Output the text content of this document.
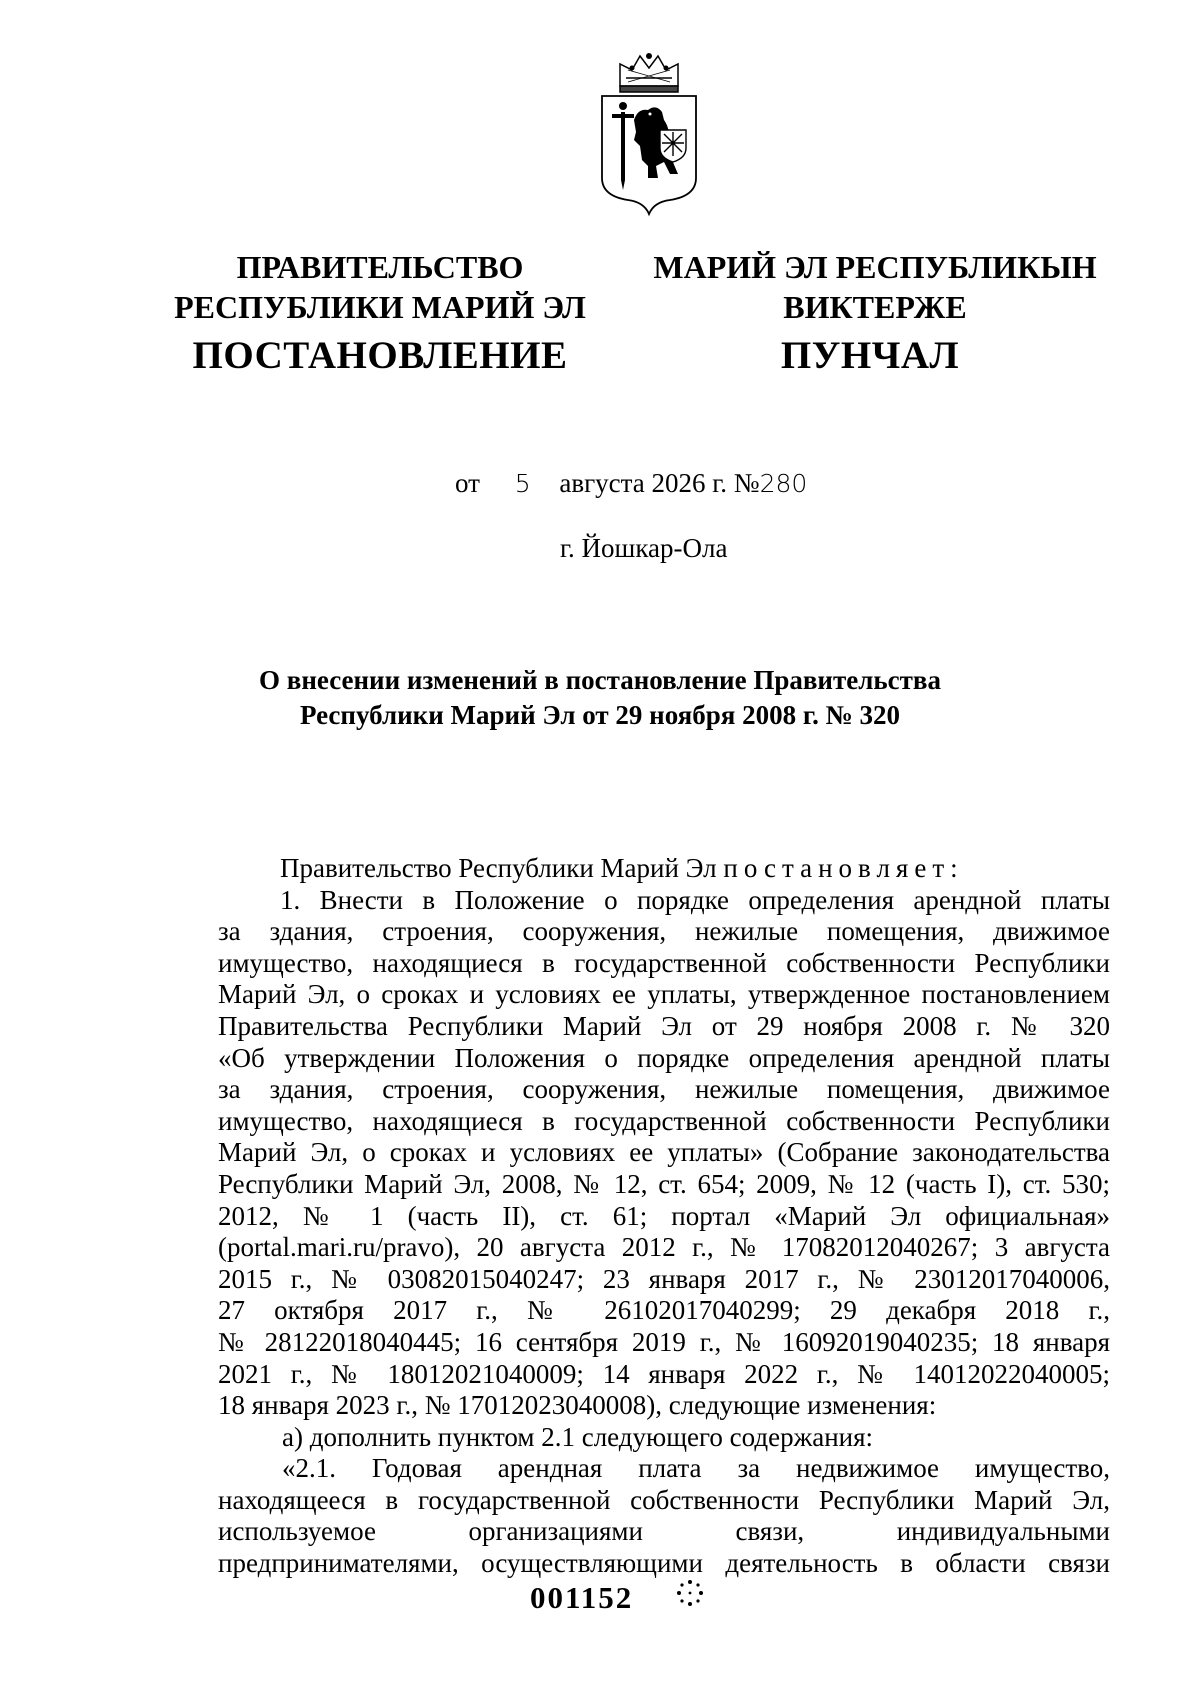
ПРАВИТЕЛЬСТВО
РЕСПУБЛИКИ МАРИЙ ЭЛ
МАРИЙ ЭЛ РЕСПУБЛИКЫН
ВИКТЕРЖЕ
ПОСТАНОВЛЕНИЕ	ПУНЧАЛ
от 5 августа 2026 г. №280
г. Йошкар-Ола
О внесении изменений в постановление Правительства
Республики Марий Эл от 29 ноября 2008 г. № 320

Правительство Республики Марий Эл постановляет:

1. Внести в Положение о порядке определения арендной платы

за здания, строения, сооружения, нежилые помещения, движимое

имущество, находящиеся в государственной собственности Республики

Марий Эл, о сроках и условиях ее уплаты, утвержденное постановлением

Правительства Республики Марий Эл от 29 ноября 2008 г. № 320

«Об утверждении Положения о порядке определения арендной платы

за здания, строения, сооружения, нежилые помещения, движимое

имущество, находящиеся в государственной собственности Республики

Марий Эл, о сроках и условиях ее уплаты» (Собрание законодательства

Республики Марий Эл, 2008, № 12, ст. 654; 2009, № 12 (часть I), ст. 530;

2012, № 1 (часть II), ст. 61; портал «Марий Эл официальная»

(portal.mari.ru/pravo), 20 августа 2012 г., № 17082012040267; 3 августа

2015 г., № 03082015040247; 23 января 2017 г., № 23012017040006,

27 октября 2017 г., № 26102017040299; 29 декабря 2018 г.,

№ 28122018040445; 16 сентября 2019 г., № 16092019040235; 18 января

2021 г., № 18012021040009; 14 января 2022 г., № 14012022040005;

18 января 2023 г., № 17012023040008), следующие изменения:

а) дополнить пунктом 2.1 следующего содержания:

«2.1. Годовая арендная плата за недвижимое имущество,

находящееся в государственной собственности Республики Марий Эл,

используемое организациями связи, индивидуальными

предпринимателями, осуществляющими деятельность в области связи

001152
